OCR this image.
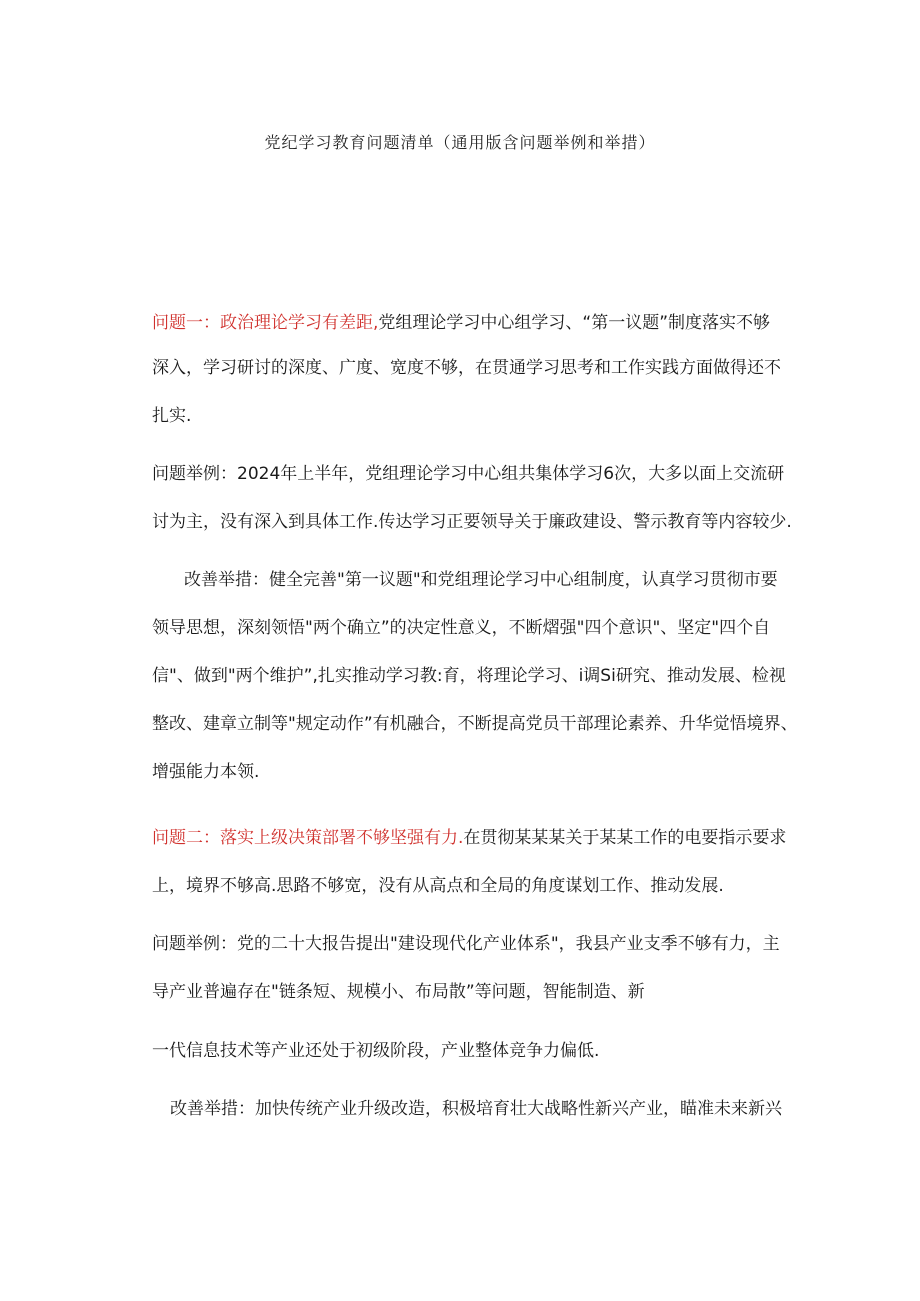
党纪学习教育问题清单（通用版含问题举例和举措）
问题一：政治理论学习有差距,党组理论学习中心组学习、“第一议题”制度落实不够
深入，学习研讨的深度、广度、宽度不够，在贯通学习思考和工作实践方面做得还不
扎实.
问题举例：2024年上半年，党组理论学习中心组共集体学习6次，大多以面上交流研
讨为主，没有深入到具体工作.传达学习正要领导关于廉政建设、警示教育等内容较少.
改善举措：健全完善"第一议题"和党组理论学习中心组制度，认真学习贯彻市要
领导思想，深刻领悟"两个确立”的决定性意义，不断熠强"四个意识"、坚定"四个自
信"、做到"两个维护”,扎实推动学习教:育，将理论学习、i调Si研究、推动发展、检视
整改、建章立制等"规定动作”有机融合，不断提高党员干部理论素养、升华觉悟境界、
增强能力本领.
问题二：落实上级决策部署不够坚强有力.在贯彻某某某关于某某工作的电要指示要求
上，境界不够高.思路不够宽，没有从高点和全局的角度谋划工作、推动发展.
问题举例：党的二十大报告提出"建设现代化产业体系"，我县产业支季不够有力，主
导产业普遍存在"链条短、规模小、布局散”等问题，智能制造、新
一代信息技术等产业还处于初级阶段，产业整体竞争力偏低.
改善举措：加快传统产业升级改造，积极培育壮大战略性新兴产业，瞄准未来新兴
